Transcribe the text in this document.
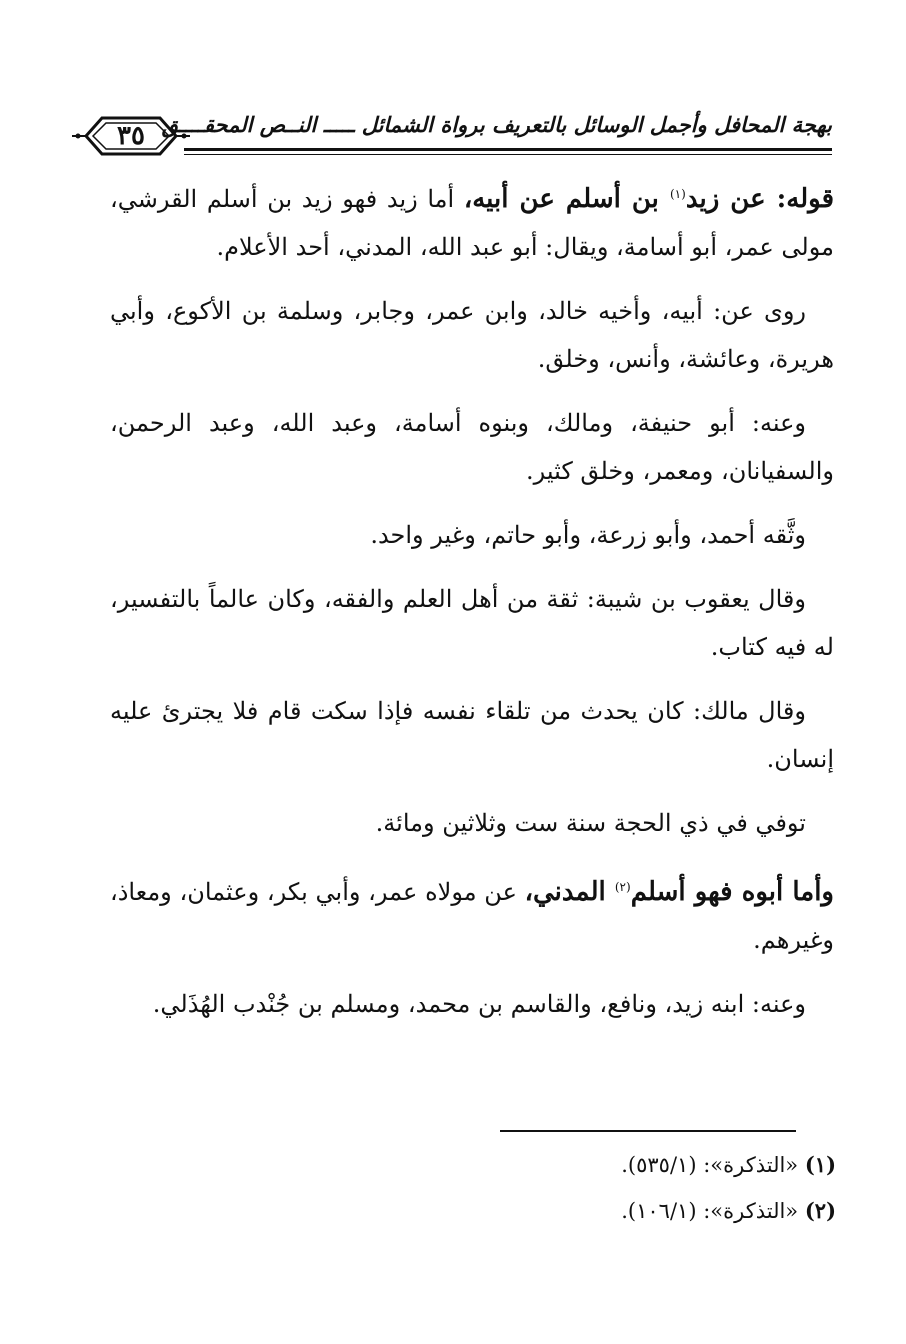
٣٥ بهجة المحافل وأجمل الوسائل بالتعريف برواة الشمائل ـــــ النــص المحقــــق

قوله: عن زيد$^{(١)}$ بن أسلم عن أبيه، أما زيد فهو زيد بن أسلم القرشي، مولى عمر، أبو أسامة، ويقال: أبو عبد الله، المدني، أحد الأعلام.

روى عن: أبيه، وأخيه خالد، وابن عمر، وجابر، وسلمة بن الأكوع، وأبي هريرة، وعائشة، وأنس، وخلق.

وعنه: أبو حنيفة، ومالك، وبنوه أسامة، وعبد الله، وعبد الرحمن، والسفيانان، ومعمر، وخلق كثير.

وثَّقه أحمد، وأبو زرعة، وأبو حاتم، وغير واحد.

وقال يعقوب بن شيبة: ثقة من أهل العلم والفقه، وكان عالماً بالتفسير، له فيه كتاب.

وقال مالك: كان يحدث من تلقاء نفسه فإذا سكت قام فلا يجترئ عليه إنسان.

توفي في ذي الحجة سنة ست وثلاثين ومائة.

وأما أبوه فهو أسلم$^{(٢)}$ المدني، عن مولاه عمر، وأبي بكر، وعثمان، ومعاذ، وغيرهم.

وعنه: ابنه زيد، ونافع، والقاسم بن محمد، ومسلم بن جُنْدب الهُذَلي.

(١) «التذكرة»: (٥٣٥/١).
(٢) «التذكرة»: (١٠٦/١).
